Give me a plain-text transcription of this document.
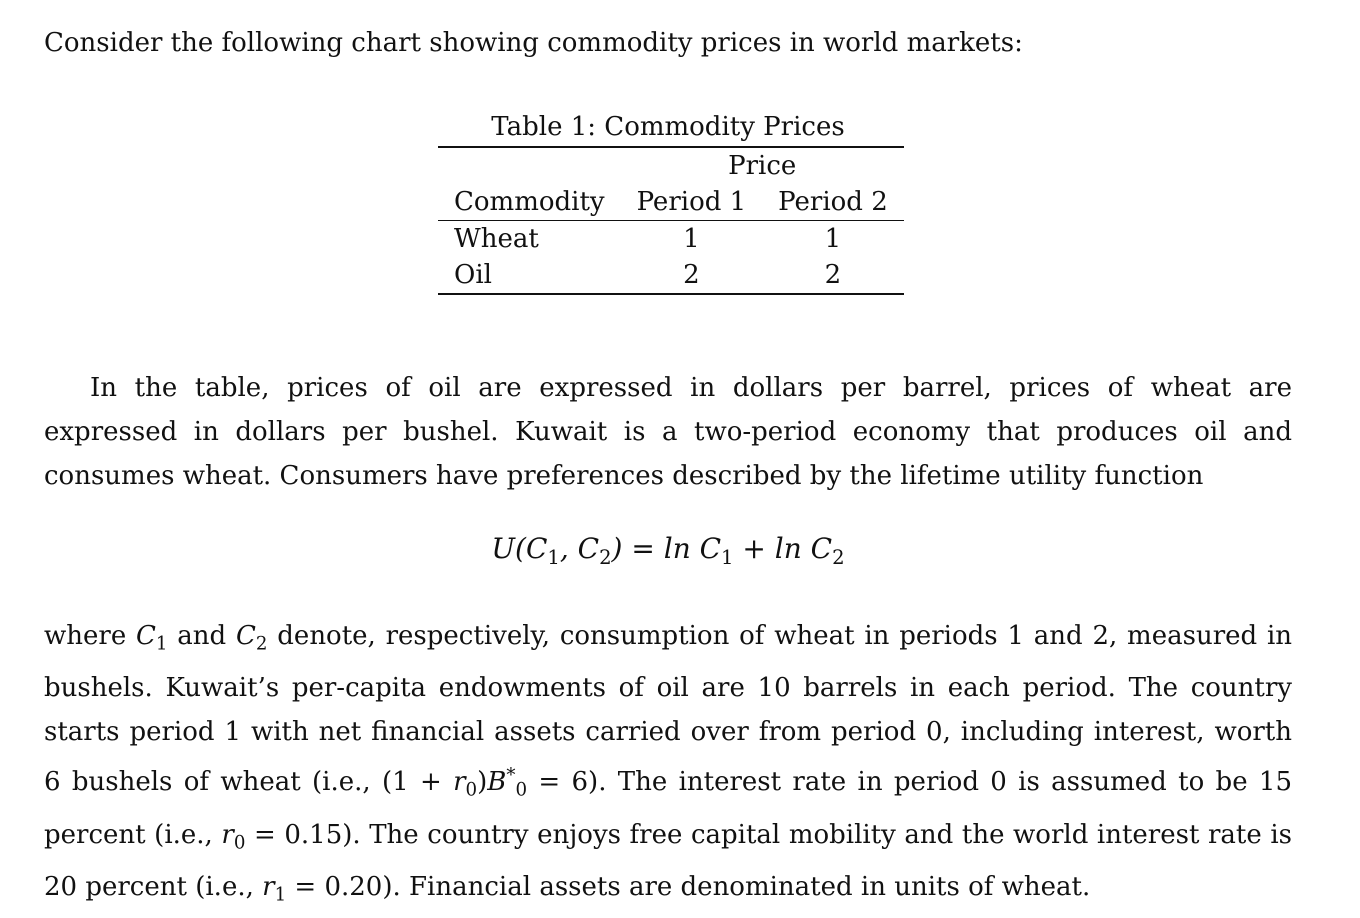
Consider the following chart showing commodity prices in world markets:
Table 1: Commodity Prices
	Price	
Commodity	Period 1	Period 2
Wheat	1	1
Oil	2	2
In the table, prices of oil are expressed in dollars per barrel, prices of wheat are expressed in dollars per bushel. Kuwait is a two-period economy that produces oil and consumes wheat. Consumers have preferences described by the lifetime utility function
$U(C_1$, $C_2) = \ln C_1 + \ln C_2$
where $C_1$ and $C_2$ denote, respectively, consumption of wheat in periods 1 and 2, measured in bushels. Kuwait’s per-capita endowments of oil are 10 barrels in each period. The country starts period 1 with net financial assets carried over from period 0, including interest, worth 6 bushels of wheat (i.e., $(1 + r_0)B^*_0 = 6$). The interest rate in period 0 is assumed to be 15 percent (i.e., $r_0 = 0.15$). The country enjoys free capital mobility and the world interest rate is 20 percent (i.e., $r_1 = 0.20$). Financial assets are denominated in units of wheat.
